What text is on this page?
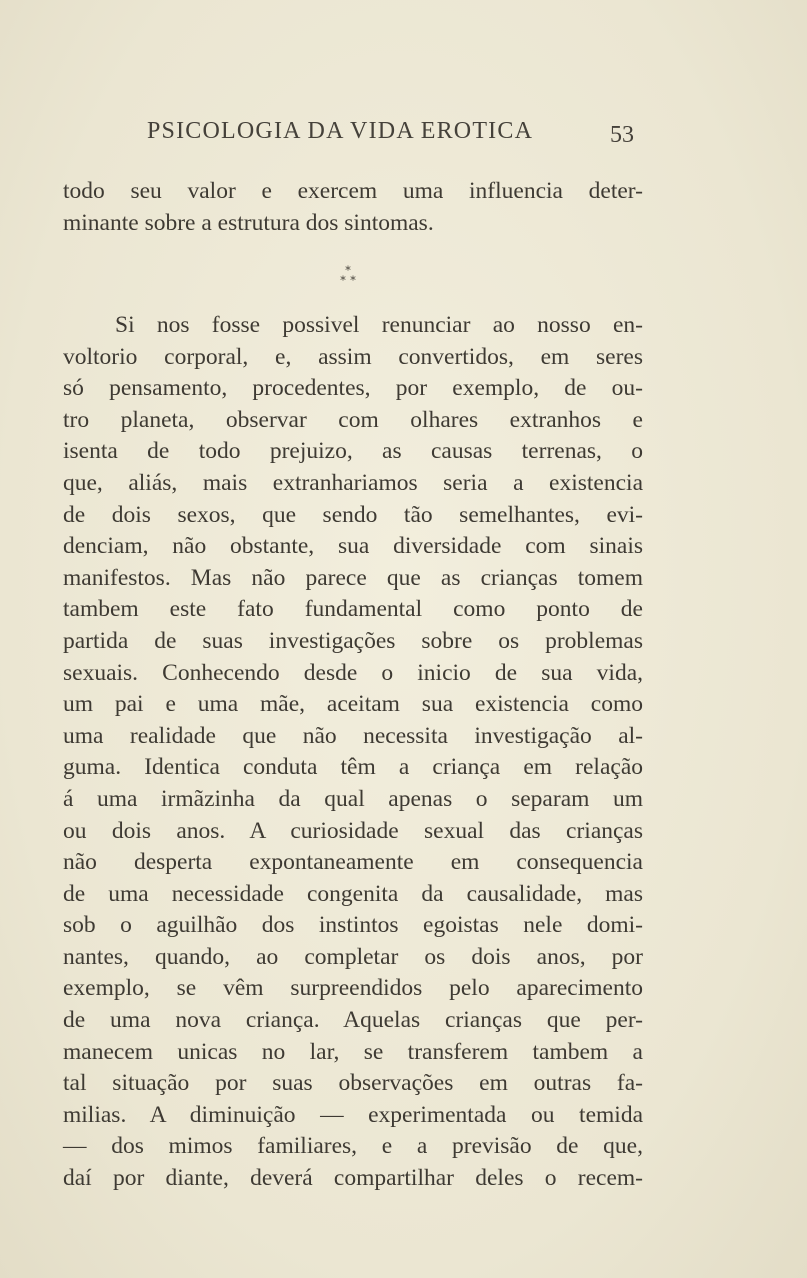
PSICOLOGIA DA VIDA EROTICA	53
todo seu valor e exercem uma influencia deter-
minante sobre a estrutura dos sintomas.
*
* *
Si nos fosse possivel renunciar ao nosso en-
voltorio corporal, e, assim convertidos, em seres
só pensamento, procedentes, por exemplo, de ou-
tro planeta, observar com olhares extranhos e
isenta de todo prejuizo, as causas terrenas, o
que, aliás, mais extranhariamos seria a existencia
de dois sexos, que sendo tão semelhantes, evi-
denciam, não obstante, sua diversidade com sinais
manifestos. Mas não parece que as crianças tomem
tambem este fato fundamental como ponto de
partida de suas investigações sobre os problemas
sexuais. Conhecendo desde o inicio de sua vida,
um pai e uma mãe, aceitam sua existencia como
uma realidade que não necessita investigação al-
guma. Identica conduta têm a criança em relação
á uma irmãzinha da qual apenas o separam um
ou dois anos. A curiosidade sexual das crianças
não desperta expontaneamente em consequencia
de uma necessidade congenita da causalidade, mas
sob o aguilhão dos instintos egoistas nele domi-
nantes, quando, ao completar os dois anos, por
exemplo, se vêm surpreendidos pelo aparecimento
de uma nova criança. Aquelas crianças que per-
manecem unicas no lar, se transferem tambem a
tal situação por suas observações em outras fa-
milias. A diminuição — experimentada ou temida
— dos mimos familiares, e a previsão de que,
daí por diante, deverá compartilhar deles o recem-
